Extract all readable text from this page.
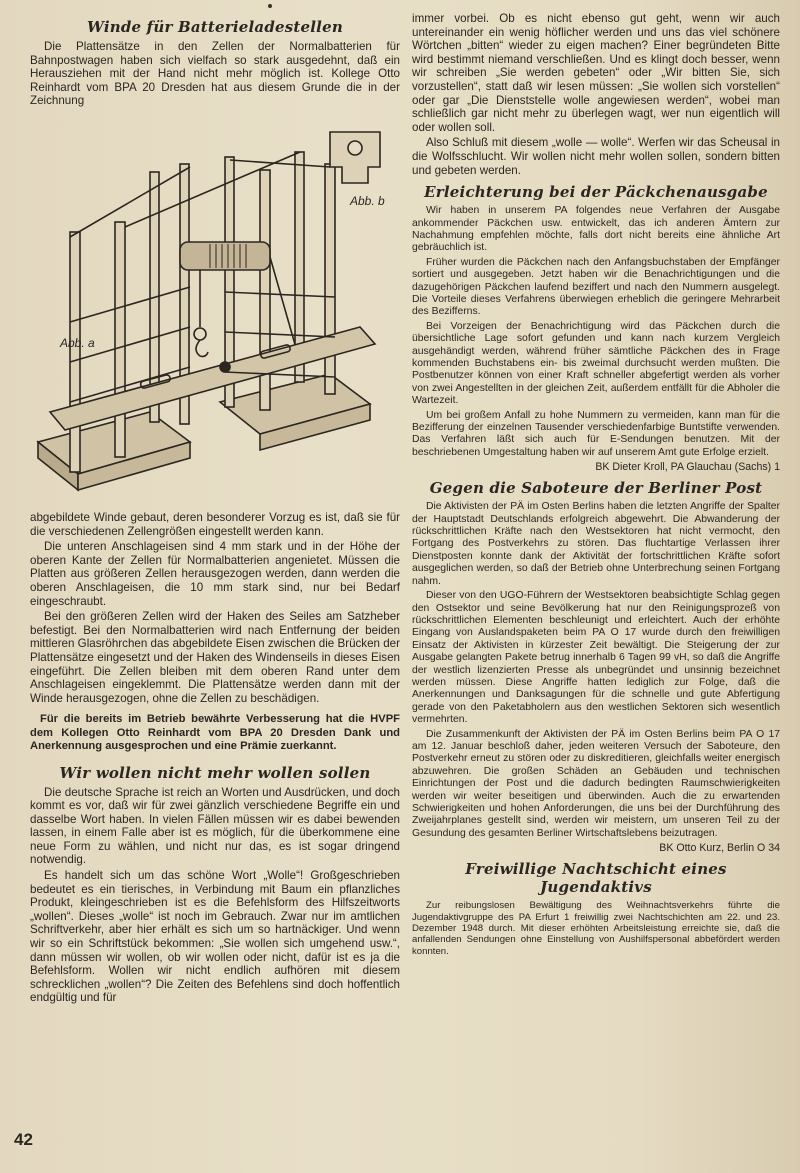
Winde für Batterieladestellen

Die Plattensätze in den Zellen der Normalbatterien für Bahnpostwagen haben sich vielfach so stark ausgedehnt, daß ein Herausziehen mit der Hand nicht mehr möglich ist. Kollege Otto Reinhardt vom BPA 20 Dresden hat aus diesem Grunde die in der Zeichnung

Abb. b
Abb. a

abgebildete Winde gebaut, deren besonderer Vorzug es ist, daß sie für die verschiedenen Zellengrößen eingestellt werden kann.

Die unteren Anschlageisen sind 4 mm stark und in der Höhe der oberen Kante der Zellen für Normalbatterien angenietet. Müssen die Platten aus größeren Zellen herausgezogen werden, dann werden die oberen Anschlageisen, die 10 mm stark sind, nur bei Bedarf eingeschraubt.

Bei den größeren Zellen wird der Haken des Seiles am Satzheber befestigt. Bei den Normalbatterien wird nach Entfernung der beiden mittleren Glasröhrchen das abgebildete Eisen zwischen die Brücken der Plattensätze eingesetzt und der Haken des Windenseils in dieses Eisen eingeführt. Die Zellen bleiben mit dem oberen Rand unter dem Anschlageisen eingeklemmt. Die Plattensätze werden dann mit der Winde herausgezogen, ohne die Zellen zu beschädigen.

Für die bereits im Betrieb bewährte Verbesserung hat die HVPF dem Kollegen Otto Reinhardt vom BPA 20 Dresden Dank und Anerkennung ausgesprochen und eine Prämie zuerkannt.

Wir wollen nicht mehr wollen sollen

Die deutsche Sprache ist reich an Worten und Ausdrücken, und doch kommt es vor, daß wir für zwei gänzlich verschiedene Begriffe ein und dasselbe Wort haben. In vielen Fällen müssen wir es dabei bewenden lassen, in einem Falle aber ist es möglich, für die überkommene eine neue Form zu wählen, und nicht nur das, es ist sogar dringend notwendig.

Es handelt sich um das schöne Wort „Wolle“! Großgeschrieben bedeutet es ein tierisches, in Verbindung mit Baum ein pflanzliches Produkt, kleingeschrieben ist es die Befehlsform des Hilfszeitworts „wollen“. Dieses „wolle“ ist noch im Gebrauch. Zwar nur im amtlichen Schriftverkehr, aber hier erhält es sich um so hartnäckiger. Und wenn wir so ein Schriftstück bekommen: „Sie wollen sich umgehend usw.“, dann müssen wir wollen, ob wir wollen oder nicht, dafür ist es ja die Befehlsform. Wollen wir nicht endlich aufhören mit diesem schrecklichen „wollen“? Die Zeiten des Befehlens sind doch hoffentlich endgültig und für

immer vorbei. Ob es nicht ebenso gut geht, wenn wir auch untereinander ein wenig höflicher werden und uns das viel schönere Wörtchen „bitten“ wieder zu eigen machen? Einer begründeten Bitte wird bestimmt niemand verschließen. Und es klingt doch besser, wenn wir schreiben „Sie werden gebeten“ oder „Wir bitten Sie, sich vorzustellen“, statt daß wir lesen müssen: „Sie wollen sich vorstellen“ oder gar „Die Dienststelle wolle angewiesen werden“, wobei man schließlich gar nicht mehr zu überlegen wagt, wer nun eigentlich will oder wollen soll.

Also Schluß mit diesem „wolle — wolle“. Werfen wir das Scheusal in die Wolfsschlucht. Wir wollen nicht mehr wollen sollen, sondern bitten und gebeten werden.

Erleichterung bei der Päckchenausgabe

Wir haben in unserem PA folgendes neue Verfahren der Ausgabe ankommender Päckchen usw. entwickelt, das ich anderen Ämtern zur Nachahmung empfehlen möchte, falls dort nicht bereits eine ähnliche Art gebräuchlich ist.

Früher wurden die Päckchen nach den Anfangsbuchstaben der Empfänger sortiert und ausgegeben. Jetzt haben wir die Benachrichtigungen und die dazugehörigen Päckchen laufend beziffert und nach den Nummern ausgelegt. Die Vorteile dieses Verfahrens überwiegen erheblich die geringere Mehrarbeit des Bezifferns.

Bei Vorzeigen der Benachrichtigung wird das Päckchen durch die übersichtliche Lage sofort gefunden und kann nach kurzem Vergleich ausgehändigt werden, während früher sämtliche Päckchen des in Frage kommenden Buchstabens ein- bis zweimal durchsucht werden mußten. Die Postbenutzer können von einer Kraft schneller abgefertigt werden als vorher von zwei Angestellten in der gleichen Zeit, außerdem entfällt für die Abholer die Wartezeit.

Um bei großem Anfall zu hohe Nummern zu vermeiden, kann man für die Bezifferung der einzelnen Tausender verschiedenfarbige Buntstifte verwenden. Das Verfahren läßt sich auch für E-Sendungen benutzen. Mit der beschriebenen Umgestaltung haben wir auf unserem Amt gute Erfolge erzielt.

BK Dieter Kroll, PA Glauchau (Sachs) 1
Gegen die Saboteure der Berliner Post

Die Aktivisten der PÄ im Osten Berlins haben die letzten Angriffe der Spalter der Hauptstadt Deutschlands erfolgreich abgewehrt. Die Abwanderung der rückschrittlichen Kräfte nach den Westsektoren hat nicht vermocht, den Fortgang des Postverkehrs zu stören. Das fluchtartige Verlassen ihrer Dienstposten konnte dank der Aktivität der fortschrittlichen Kräfte sofort ausgeglichen werden, so daß der Betrieb ohne Unterbrechung seinen Fortgang nahm.

Dieser von den UGO-Führern der Westsektoren beabsichtigte Schlag gegen den Ostsektor und seine Bevölkerung hat nur den Reinigungsprozeß von rückschrittlichen Elementen beschleunigt und erleichtert. Auch der erhöhte Eingang von Auslandspaketen beim PA O 17 wurde durch den freiwilligen Einsatz der Aktivisten in kürzester Zeit bewältigt. Die Steigerung der zur Ausgabe gelangten Pakete betrug innerhalb 6 Tagen 99 vH, so daß die Angriffe der westlich lizenzierten Presse als unbegründet und unsinnig bezeichnet werden müssen. Diese Angriffe hatten lediglich zur Folge, daß die Anerkennungen und Danksagungen für die schnelle und gute Abfertigung gerade von den Paketabholern aus den westlichen Sektoren sich wesentlich vermehrten.

Die Zusammenkunft der Aktivisten der PÄ im Osten Berlins beim PA O 17 am 12. Januar beschloß daher, jeden weiteren Versuch der Saboteure, den Postverkehr erneut zu stören oder zu diskreditieren, gleichfalls weiter energisch abzuwehren. Die großen Schäden an Gebäuden und technischen Einrichtungen der Post und die dadurch bedingten Raumschwierigkeiten werden wir weiter beseitigen und überwinden. Auch die zu erwartenden Schwierigkeiten und hohen Anforderungen, die uns bei der Durchführung des Zweijahrplanes gestellt sind, werden wir meistern, um unseren Teil zu der Gesundung des gesamten Berliner Wirtschaftslebens beizutragen.

BK Otto Kurz, Berlin O 34
Freiwillige Nachtschicht eines Jugendaktivs

Zur reibungslosen Bewältigung des Weihnachtsverkehrs führte die Jugendaktivgruppe des PA Erfurt 1 freiwillig zwei Nachtschichten am 22. und 23. Dezember 1948 durch. Mit dieser erhöhten Arbeitsleistung erreichte sie, daß die anfallenden Sendungen ohne Einstellung von Aushilfspersonal abbefördert werden konnten.

42
